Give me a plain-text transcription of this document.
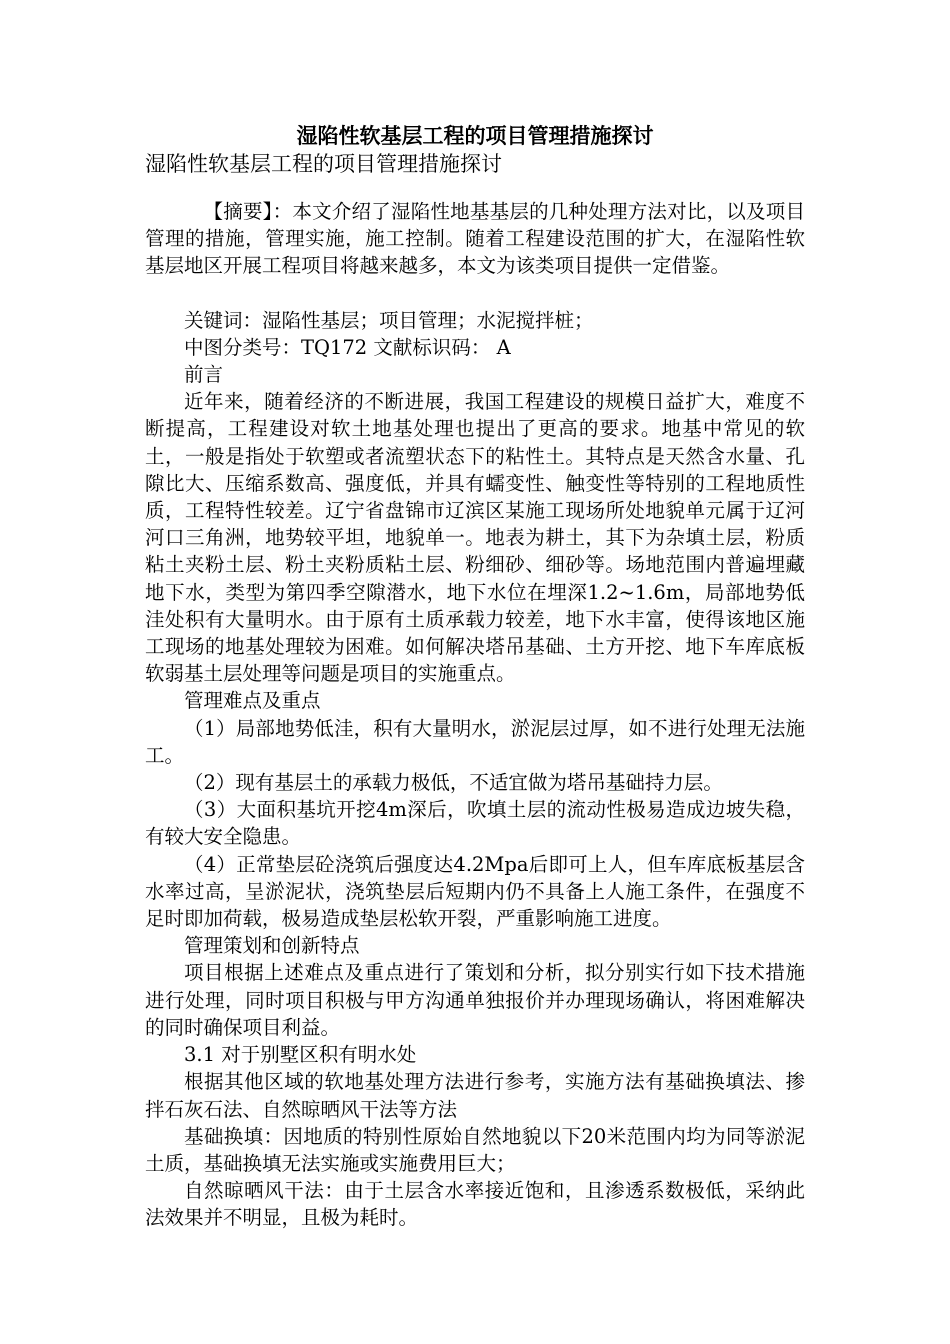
湿陷性软基层工程的项目管理措施探讨
湿陷性软基层工程的项目管理措施探讨

【摘要】：本文介绍了湿陷性地基基层的几种处理方法对比，以及项目管理的措施，管理实施，施工控制。随着工程建设范围的扩大，在湿陷性软基层地区开展工程项目将越来越多，本文为该类项目提供一定借鉴。

关键词：湿陷性基层；项目管理；水泥搅拌桩；

中图分类号：TQ172 文献标识码： A

前言

近年来，随着经济的不断进展，我国工程建设的规模日益扩大，难度不断提高，工程建设对软土地基处理也提出了更高的要求。地基中常见的软土，一般是指处于软塑或者流塑状态下的粘性土。其特点是天然含水量、孔隙比大、压缩系数高、强度低，并具有蠕变性、触变性等特别的工程地质性质，工程特性较差。辽宁省盘锦市辽滨区某施工现场所处地貌单元属于辽河河口三角洲，地势较平坦，地貌单一。地表为耕土，其下为杂填土层，粉质粘土夹粉土层、粉土夹粉质粘土层、粉细砂、细砂等。场地范围内普遍埋藏地下水，类型为第四季空隙潜水，地下水位在埋深1.2~1.6m，局部地势低洼处积有大量明水。由于原有土质承载力较差，地下水丰富，使得该地区施工现场的地基处理较为困难。如何解决塔吊基础、土方开挖、地下车库底板软弱基土层处理等问题是项目的实施重点。

管理难点及重点

（1）局部地势低洼，积有大量明水，淤泥层过厚，如不进行处理无法施工。

（2）现有基层土的承载力极低，不适宜做为塔吊基础持力层。

（3）大面积基坑开挖4m深后，吹填土层的流动性极易造成边坡失稳，有较大安全隐患。

（4）正常垫层砼浇筑后强度达4.2Mpa后即可上人，但车库底板基层含水率过高，呈淤泥状，浇筑垫层后短期内仍不具备上人施工条件，在强度不足时即加荷载，极易造成垫层松软开裂，严重影响施工进度。

管理策划和创新特点

项目根据上述难点及重点进行了策划和分析，拟分别实行如下技术措施进行处理，同时项目积极与甲方沟通单独报价并办理现场确认，将困难解决的同时确保项目利益。

3.1 对于别墅区积有明水处

根据其他区域的软地基处理方法进行参考，实施方法有基础换填法、掺拌石灰石法、自然晾晒风干法等方法

基础换填：因地质的特别性原始自然地貌以下20米范围内均为同等淤泥土质，基础换填无法实施或实施费用巨大；

自然晾晒风干法：由于土层含水率接近饱和，且渗透系数极低，采纳此法效果并不明显，且极为耗时。
